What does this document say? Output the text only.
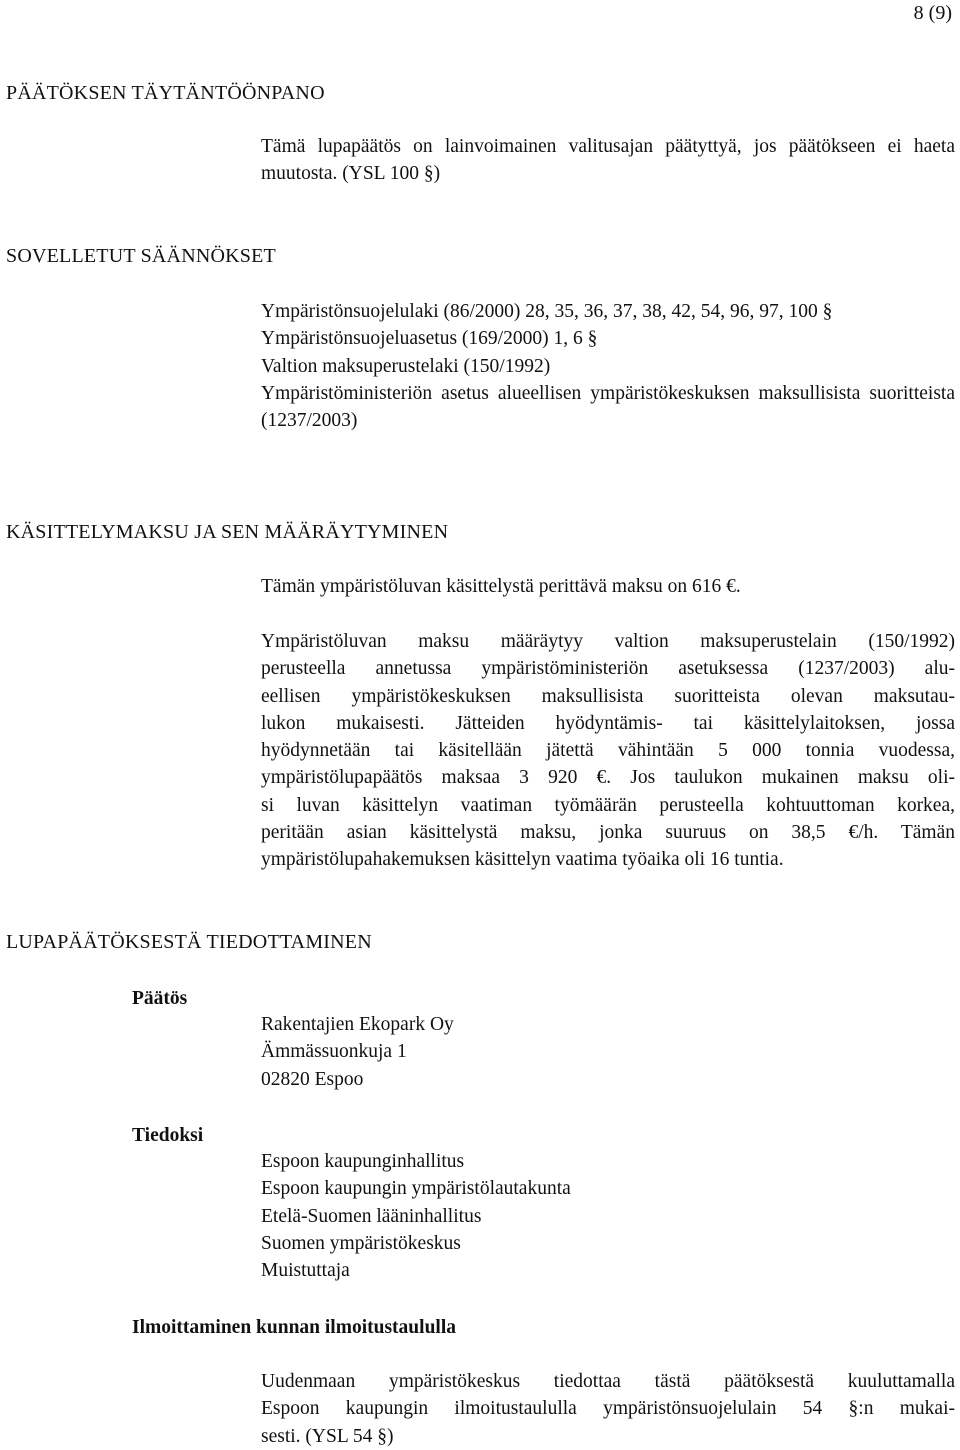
8 (9)
PÄÄTÖKSEN TÄYTÄNTÖÖNPANO
Tämä lupapäätös on lainvoimainen valitusajan päätyttyä, jos päätökseen ei haeta muutosta. (YSL 100 §)
SOVELLETUT SÄÄNNÖKSET
Ympäristönsuojelulaki (86/2000) 28, 35, 36, 37, 38, 42, 54, 96, 97, 100 §
Ympäristönsuojeluasetus (169/2000) 1, 6 §
Valtion maksuperustelaki (150/1992)
Ympäristöministeriön asetus alueellisen ympäristökeskuksen maksullisista suoritteista (1237/2003)
KÄSITTELYMAKSU JA SEN MÄÄRÄYTYMINEN
Tämän ympäristöluvan käsittelystä perittävä maksu on 616 €.
Ympäristöluvan maksu määräytyy valtion maksuperustelain (150/1992)
perusteella annetussa ympäristöministeriön asetuksessa (1237/2003) alu-
eellisen ympäristökeskuksen maksullisista suoritteista olevan maksutau-
lukon mukaisesti. Jätteiden hyödyntämis- tai käsittelylaitoksen, jossa
hyödynnetään tai käsitellään jätettä vähintään 5 000 tonnia vuodessa,
ympäristölupapäätös maksaa 3 920 €. Jos taulukon mukainen maksu oli-
si luvan käsittelyn vaatiman työmäärän perusteella kohtuuttoman korkea,
peritään asian käsittelystä maksu, jonka suuruus on 38,5 €/h. Tämän
ympäristölupahakemuksen käsittelyn vaatima työaika oli 16 tuntia.
LUPAPÄÄTÖKSESTÄ TIEDOTTAMINEN
Päätös
Rakentajien Ekopark Oy
Ämmässuonkuja 1
02820 Espoo
Tiedoksi
Espoon kaupunginhallitus
Espoon kaupungin ympäristölautakunta
Etelä-Suomen lääninhallitus
Suomen ympäristökeskus
Muistuttaja
Ilmoittaminen kunnan ilmoitustaululla
Uudenmaan ympäristökeskus tiedottaa tästä päätöksestä kuuluttamalla
Espoon kaupungin ilmoitustaululla ympäristönsuojelulain 54 §:n mukai-
sesti. (YSL 54 §)
